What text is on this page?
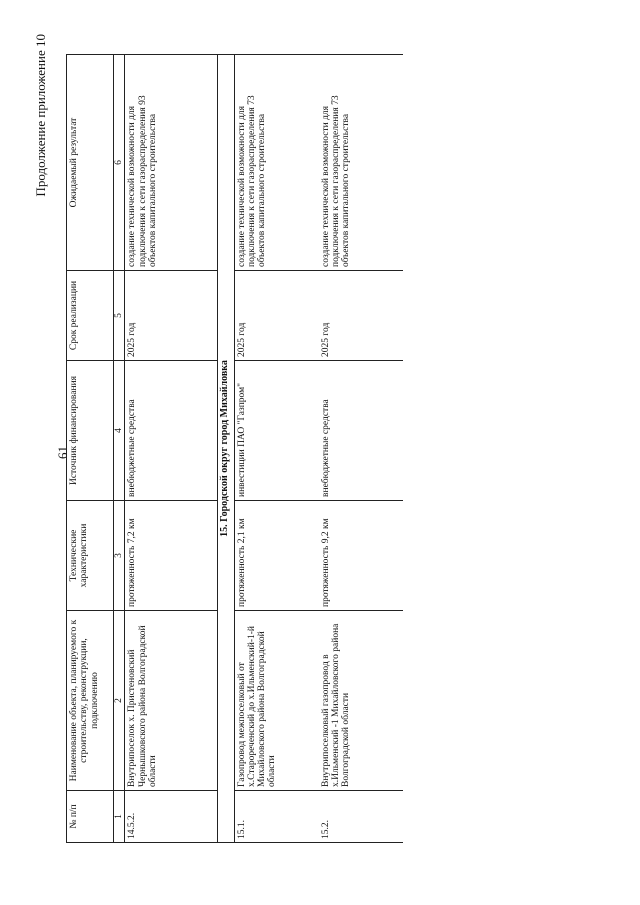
Продолжение приложение 10
61
№ п/п	Наименование объекта, планируемого к строительству, реконструкции, подключению	Технические характеристики	Источник финансирования	Срок реализации	Ожидаемый результат
1	2	3	4	5	6
14.5.2.	Внутрипоселок х. Пристеновский Чернышковского района Волгоградской области	протяженность 7,2 км	внебюджетные средства	2025 год	создание технической возможности для подключения к сети газораспределения 93 объектов капитального строительства
15. Городской округ город Михайловка					
15.1.	Газопровод межпоселковый от х.Старореченский до х.Ильменский-1-й Михайловского района Волгоградской области	протяженность 2,1 км	инвестиции ПАО "Газпром"	2025 год	создание технической возможности для подключения к сети газораспределения 73 объектов капитального строительства
15.2.	Внутрипоселковый газопровод в х.Ильменский -1 Михайловского района Волгоградской области	протяженность 9,2 км	внебюджетные средства	2025 год	создание технической возможности для подключения к сети газораспределения 73 объектов капитального строительства
